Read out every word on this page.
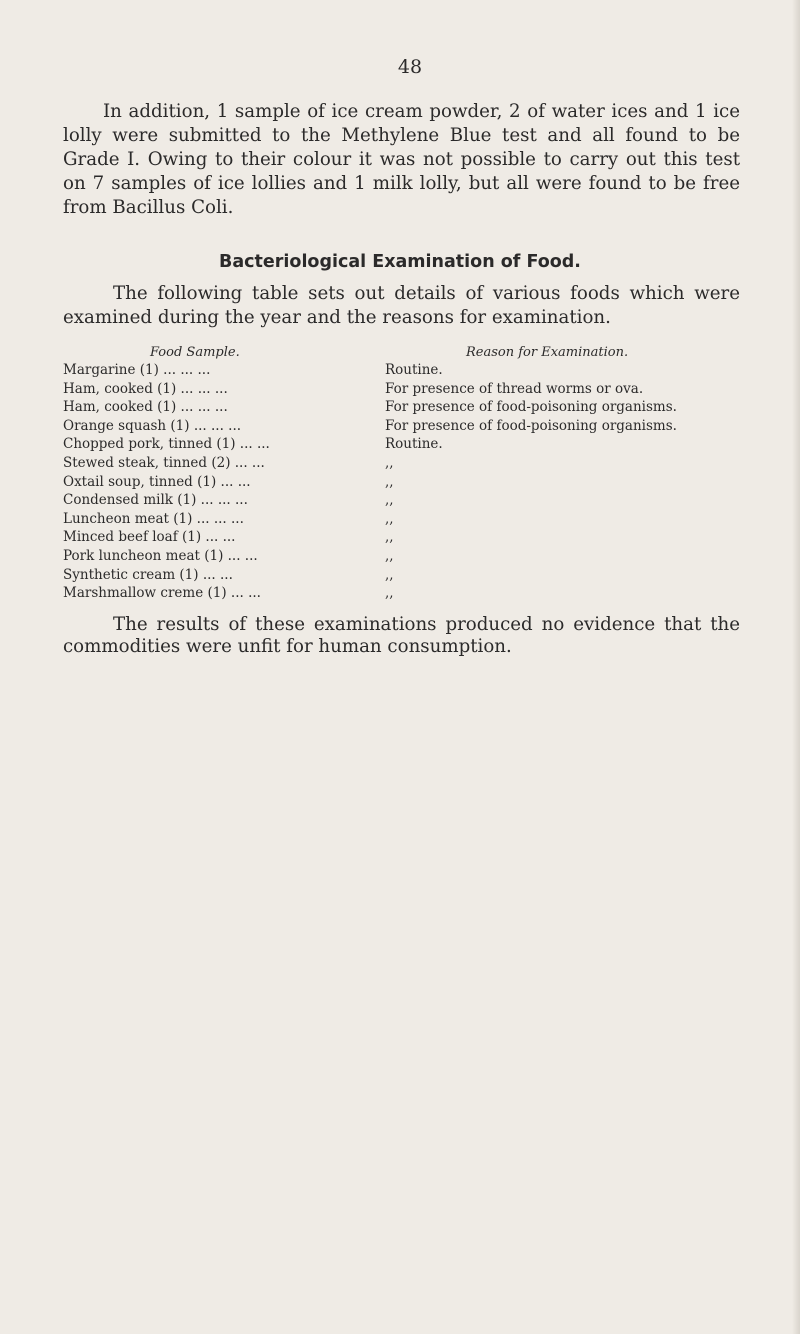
48

In addition, 1 sample of ice cream powder, 2 of water ices and 1 ice lolly were submitted to the Methylene Blue test and all found to be Grade I. Owing to their colour it was not possible to carry out this test on 7 samples of ice lollies and 1 milk lolly, but all were found to be free from Bacillus Coli.

Bacteriological Examination of Food.

The following table sets out details of various foods which were examined during the year and the reasons for examination.

Food Sample.	Reason for Examination.
Margarine (1) ... ... ...	Routine.
Ham, cooked (1) ... ... ...	For presence of thread worms or ova.
Ham, cooked (1) ... ... ...	For presence of food-poisoning organisms.
Orange squash (1) ... ... ...	For presence of food-poisoning organisms.
Chopped pork, tinned (1) ... ...	Routine.
Stewed steak, tinned (2) ... ...	,,
Oxtail soup, tinned (1) ... ...	,,
Condensed milk (1) ... ... ...	,,
Luncheon meat (1) ... ... ...	,,
Minced beef loaf (1) ... ...	,,
Pork luncheon meat (1) ... ...	,,
Synthetic cream (1) ... ...	,,
Marshmallow creme (1) ... ...	,,

The results of these examinations produced no evidence that the commodities were unfit for human consumption.
